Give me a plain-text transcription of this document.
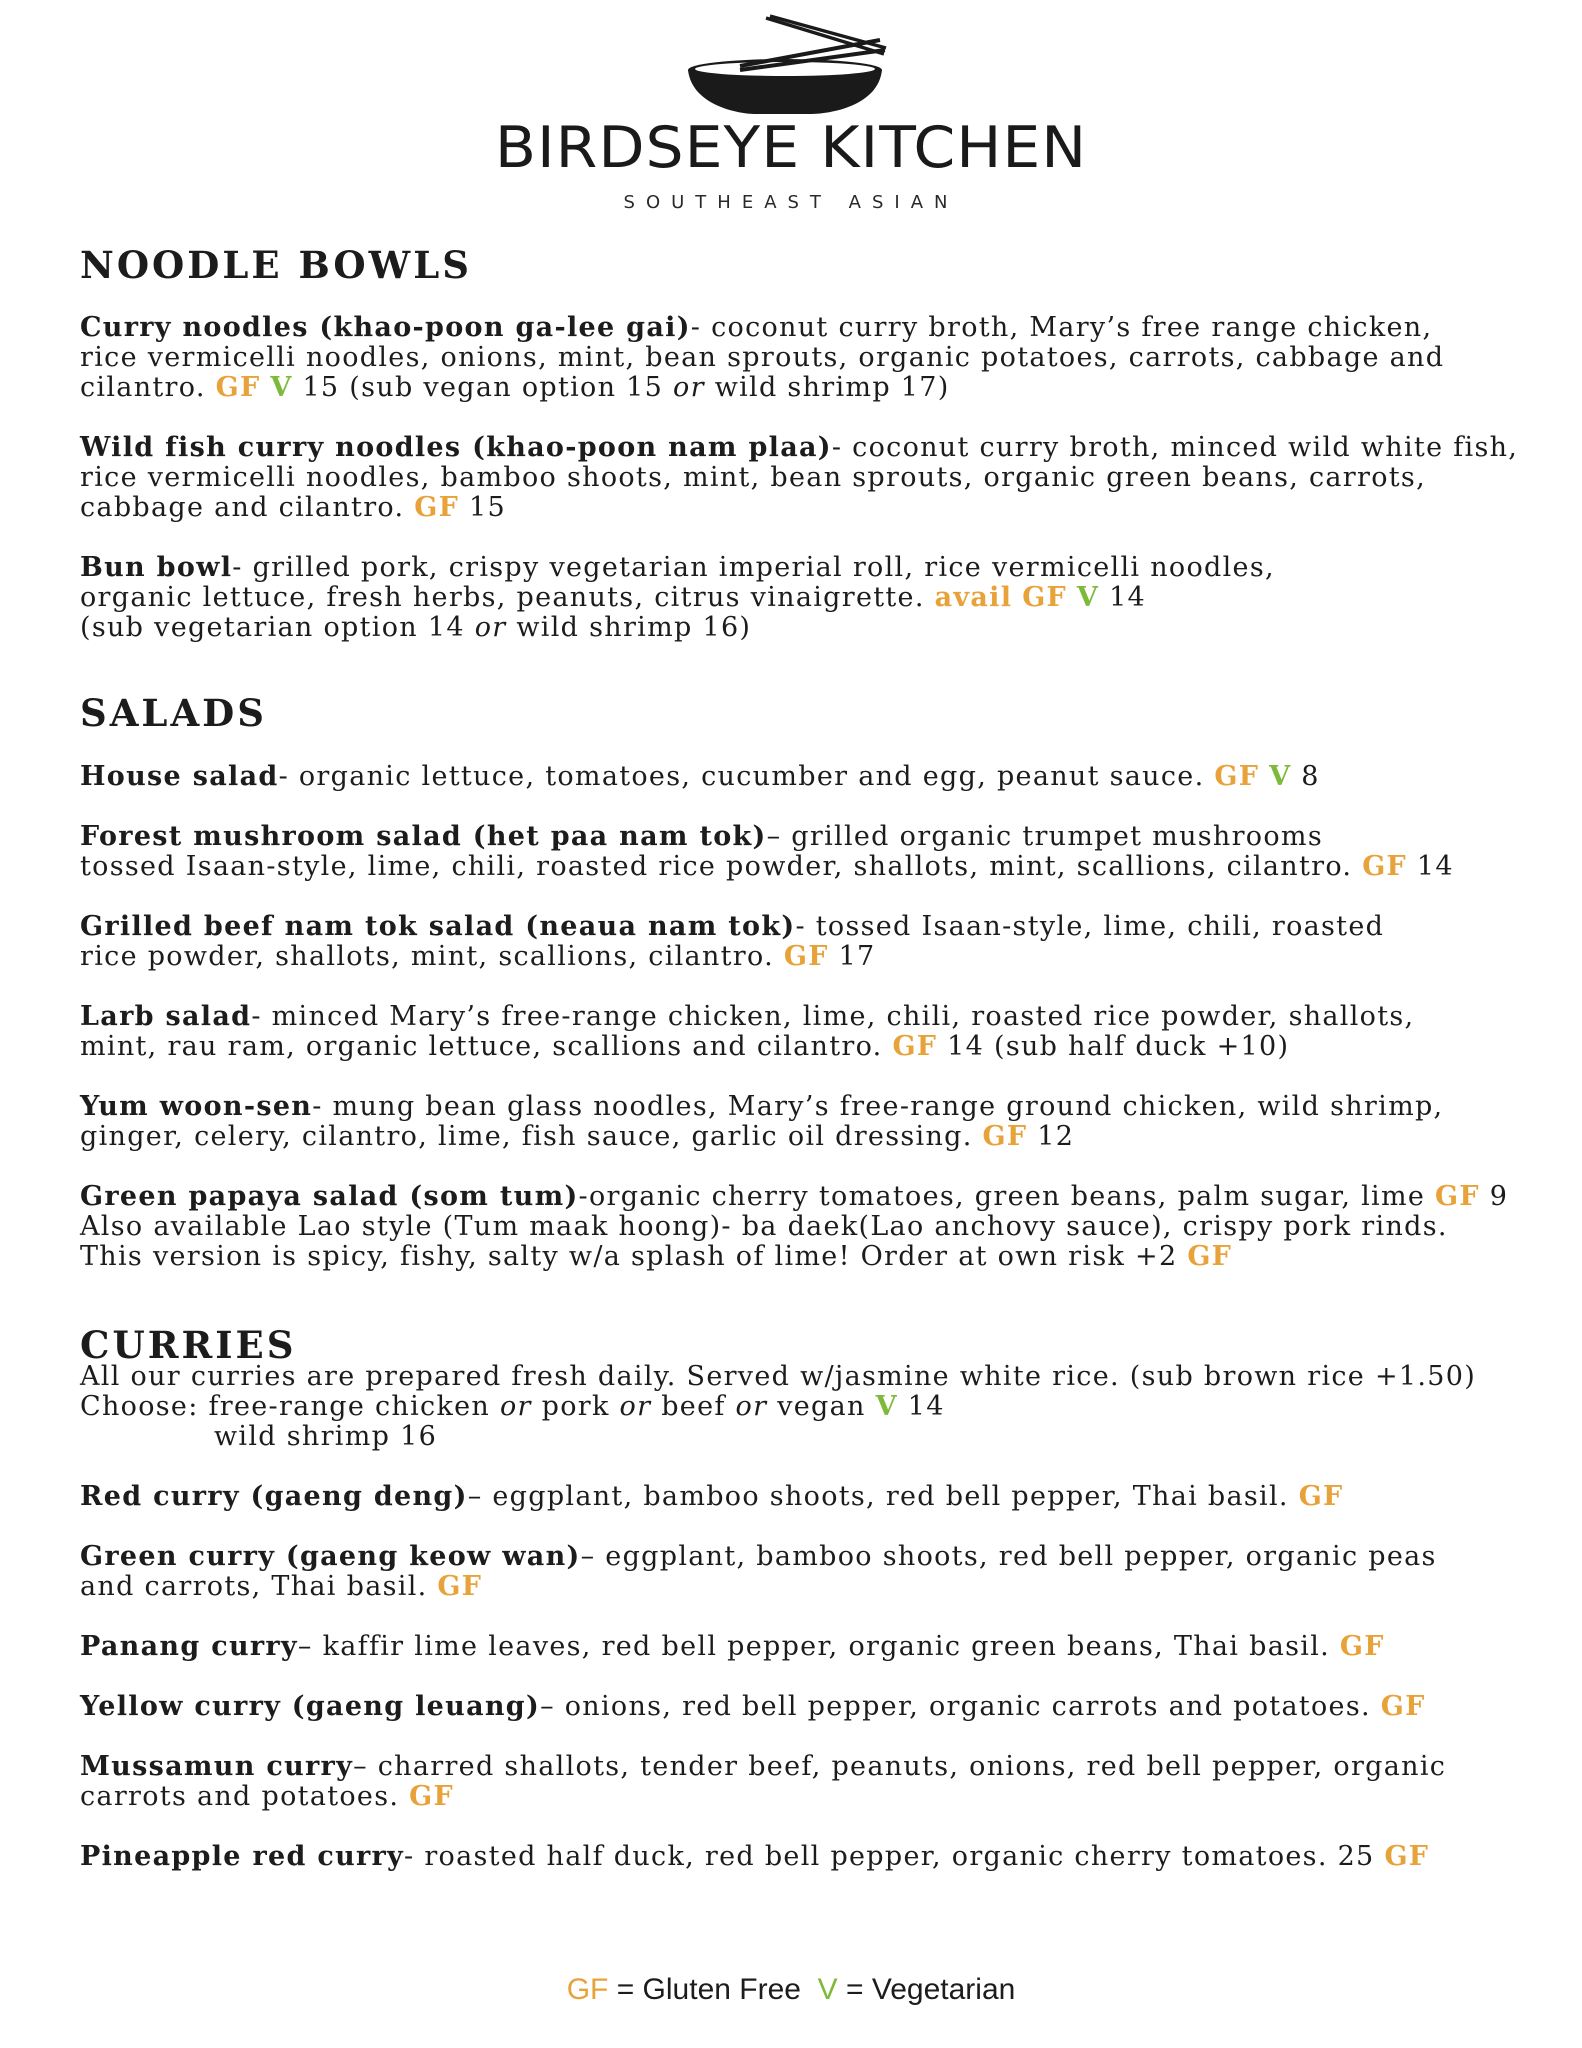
BIRDSEYE KITCHEN
SOUTHEAST ASIAN
NOODLE BOWLS
Curry noodles (khao-poon ga-lee gai)- coconut curry broth, Mary’s free range chicken,
rice vermicelli noodles, onions, mint, bean sprouts, organic potatoes, carrots, cabbage and
cilantro. GF V 15 (sub vegan option 15 or wild shrimp 17)
Wild fish curry noodles (khao-poon nam plaa)- coconut curry broth, minced wild white fish,
rice vermicelli noodles, bamboo shoots, mint, bean sprouts, organic green beans, carrots,
cabbage and cilantro. GF 15
Bun bowl- grilled pork, crispy vegetarian imperial roll, rice vermicelli noodles,
organic lettuce, fresh herbs, peanuts, citrus vinaigrette. avail GF V 14
(sub vegetarian option 14 or wild shrimp 16)
SALADS
House salad- organic lettuce, tomatoes, cucumber and egg, peanut sauce. GF V 8
Forest mushroom salad (het paa nam tok)– grilled organic trumpet mushrooms
tossed Isaan-style, lime, chili, roasted rice powder, shallots, mint, scallions, cilantro. GF 14
Grilled beef nam tok salad (neaua nam tok)- tossed Isaan-style, lime, chili, roasted
rice powder, shallots, mint, scallions, cilantro. GF 17
Larb salad- minced Mary’s free-range chicken, lime, chili, roasted rice powder, shallots,
mint, rau ram, organic lettuce, scallions and cilantro. GF 14 (sub half duck +10)
Yum woon-sen- mung bean glass noodles, Mary’s free-range ground chicken, wild shrimp,
ginger, celery, cilantro, lime, fish sauce, garlic oil dressing. GF 12
Green papaya salad (som tum)-organic cherry tomatoes, green beans, palm sugar, lime GF 9
Also available Lao style (Tum maak hoong)- ba daek(Lao anchovy sauce), crispy pork rinds.
This version is spicy, fishy, salty w/a splash of lime! Order at own risk +2 GF
CURRIES
All our curries are prepared fresh daily. Served w/jasmine white rice. (sub brown rice +1.50)
Choose: free-range chicken or pork or beef or vegan V 14
wild shrimp 16
Red curry (gaeng deng)– eggplant, bamboo shoots, red bell pepper, Thai basil. GF
Green curry (gaeng keow wan)– eggplant, bamboo shoots, red bell pepper, organic peas
and carrots, Thai basil. GF
Panang curry– kaffir lime leaves, red bell pepper, organic green beans, Thai basil. GF
Yellow curry (gaeng leuang)– onions, red bell pepper, organic carrots and potatoes. GF
Mussamun curry– charred shallots, tender beef, peanuts, onions, red bell pepper, organic
carrots and potatoes. GF
Pineapple red curry- roasted half duck, red bell pepper, organic cherry tomatoes. 25 GF
GF = Gluten Free V = Vegetarian
